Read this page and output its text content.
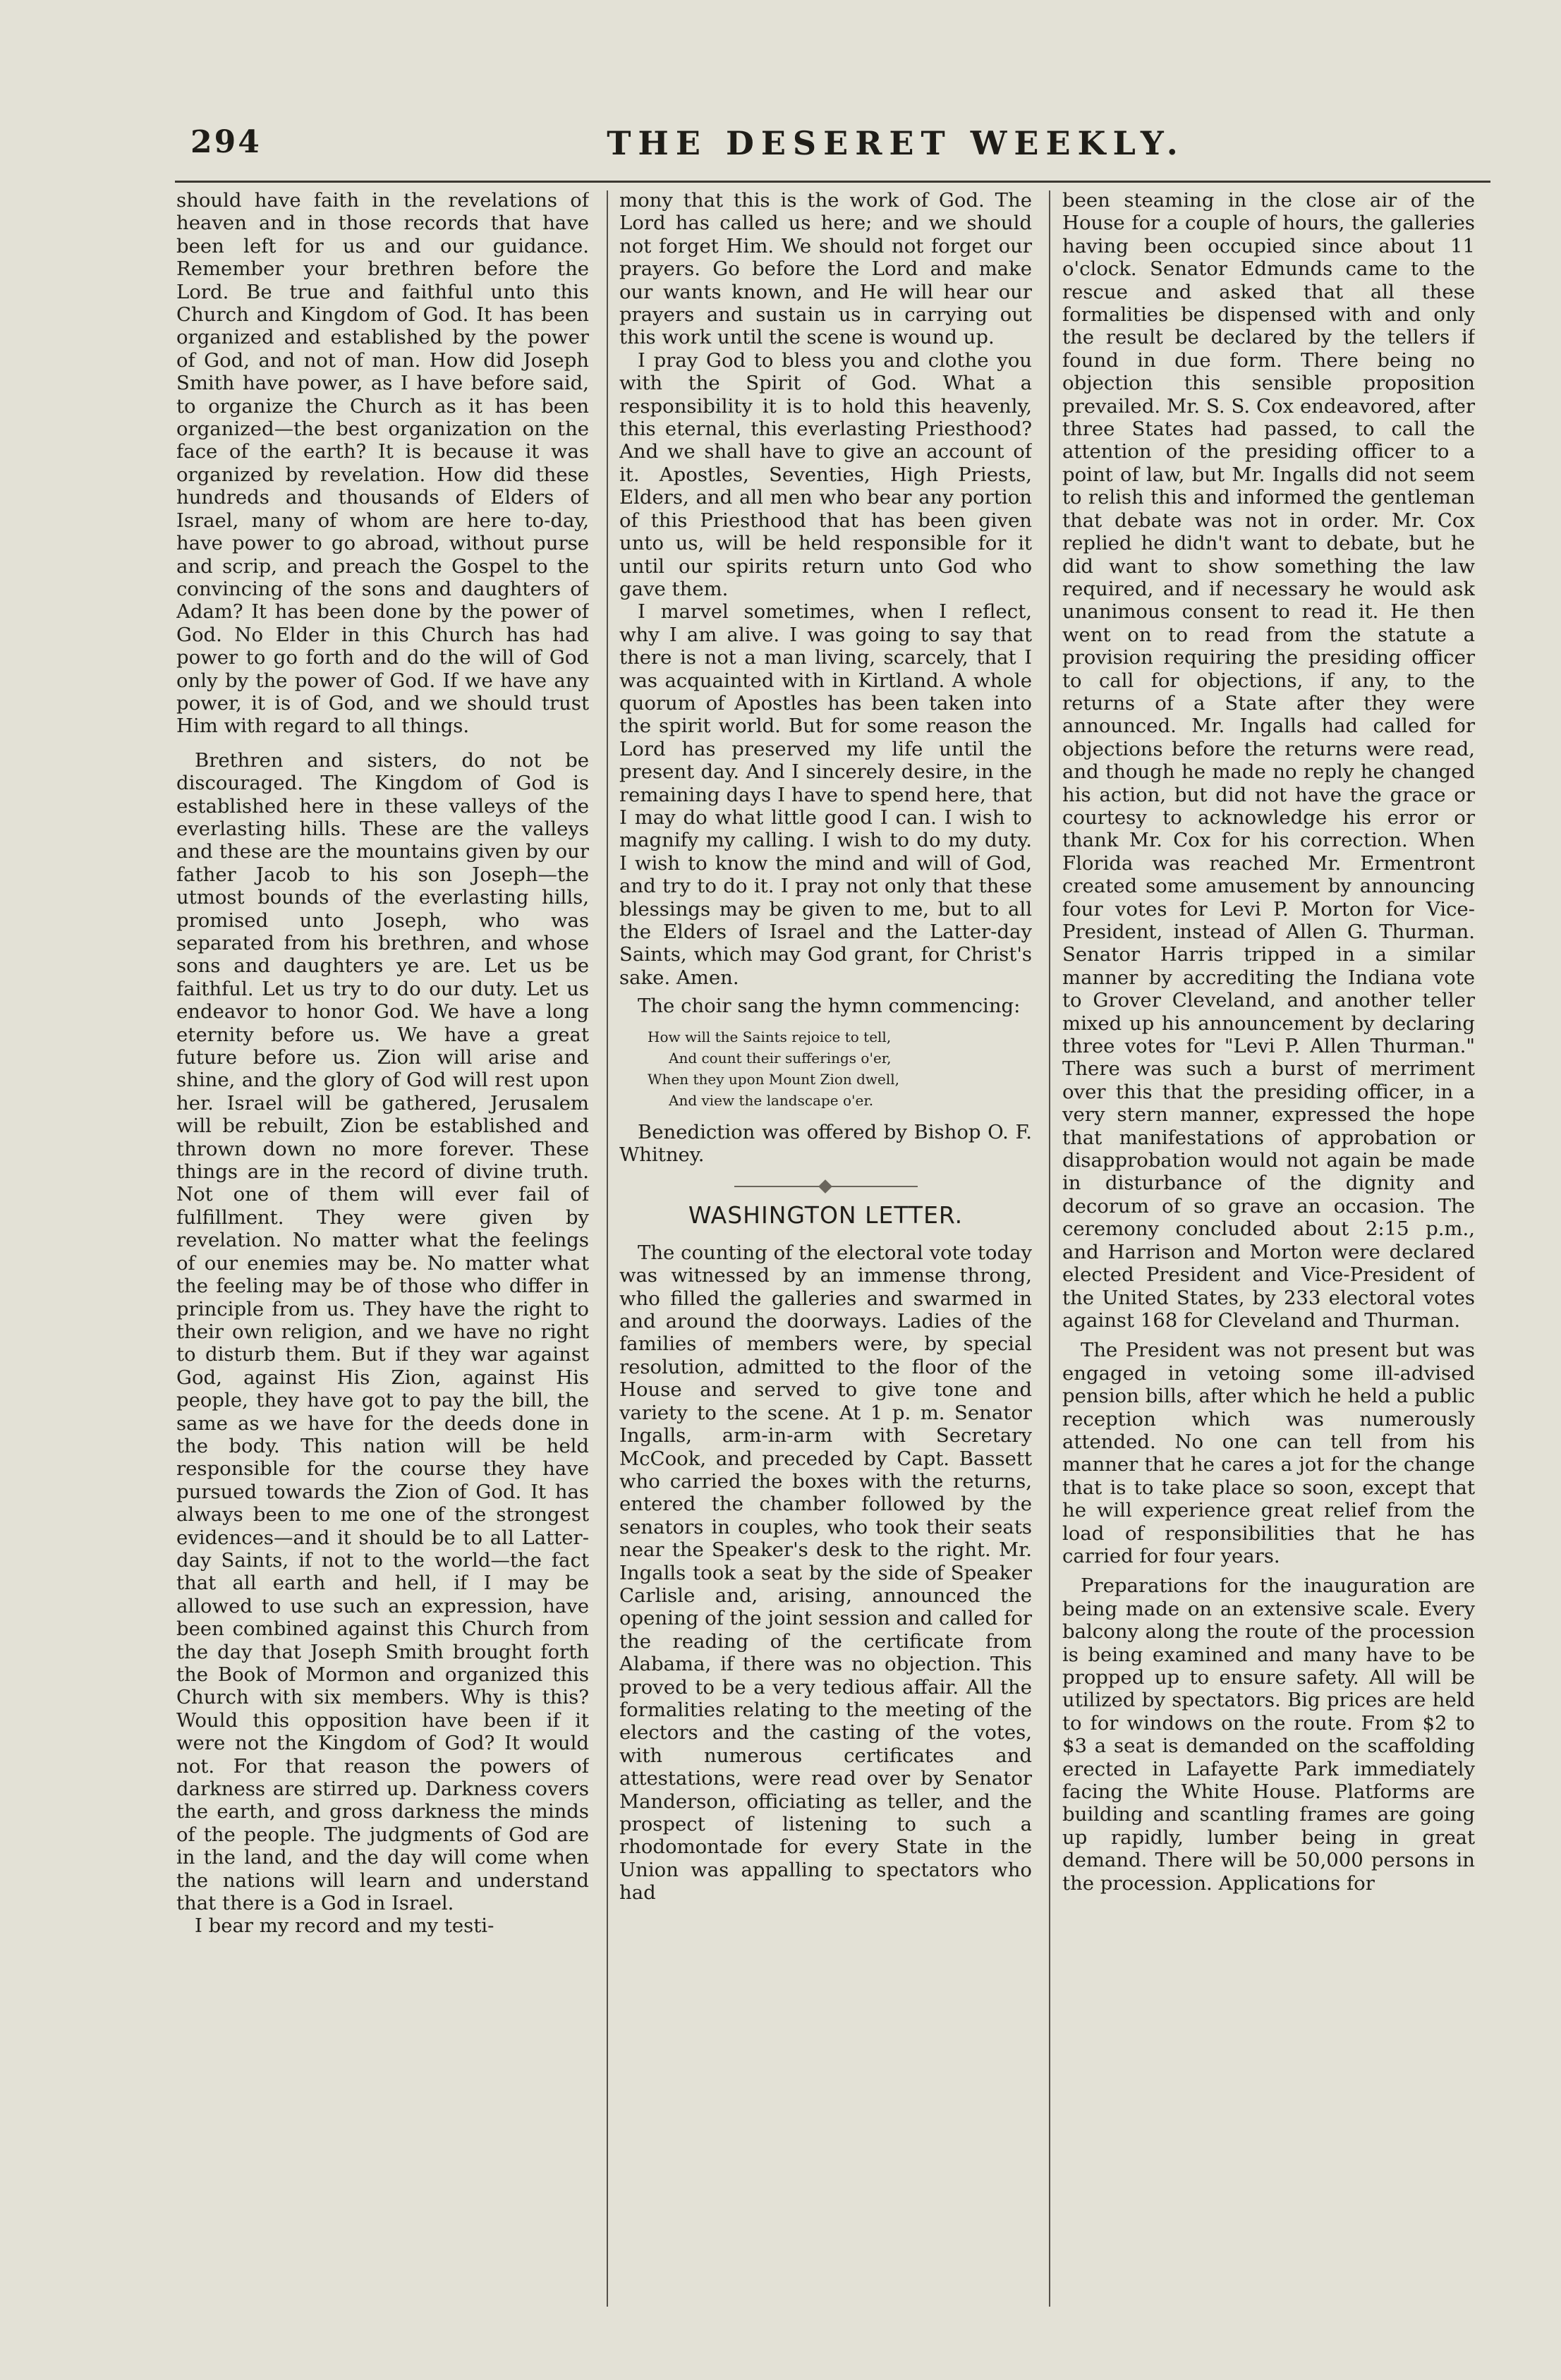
294	THE DESERET WEEKLY.

should have faith in the revelations of heaven and in those records that have been left for us and our guidance. Remember your brethren before the Lord. Be true and faithful unto this Church and Kingdom of God. It has been organized and established by the power of God, and not of man. How did Joseph Smith have power, as I have before said, to organize the Church as it has been organized—the best organization on the face of the earth? It is because it was organized by revelation. How did these hundreds and thousands of Elders of Israel, many of whom are here to-day, have power to go abroad, without purse and scrip, and preach the Gospel to the convincing of the sons and daughters of Adam? It has been done by the power of God. No Elder in this Church has had power to go forth and do the will of God only by the power of God. If we have any power, it is of God, and we should trust Him with regard to all things.

Brethren and sisters, do not be discouraged. The Kingdom of God is established here in these valleys of the everlasting hills. These are the valleys and these are the mountains given by our father Jacob to his son Joseph—the utmost bounds of the everlasting hills, promised unto Joseph, who was separated from his brethren, and whose sons and daughters ye are. Let us be faithful. Let us try to do our duty. Let us endeavor to honor God. We have a long eternity before us. We have a great future before us. Zion will arise and shine, and the glory of God will rest upon her. Israel will be gathered, Jerusalem will be rebuilt, Zion be established and thrown down no more forever. These things are in the record of divine truth. Not one of them will ever fail of fulfillment. They were given by revelation. No matter what the feelings of our enemies may be. No matter what the feeling may be of those who differ in principle from us. They have the right to their own religion, and we have no right to disturb them. But if they war against God, against His Zion, against His people, they have got to pay the bill, the same as we have for the deeds done in the body. This nation will be held responsible for the course they have pursued towards the Zion of God. It has always been to me one of the strongest evidences—and it should be to all Latter-day Saints, if not to the world—the fact that all earth and hell, if I may be allowed to use such an expression, have been combined against this Church from the day that Joseph Smith brought forth the Book of Mormon and organized this Church with six members. Why is this? Would this opposition have been if it were not the Kingdom of God? It would not. For that reason the powers of darkness are stirred up. Darkness covers the earth, and gross darkness the minds of the people. The judgments of God are in the land, and the day will come when the nations will learn and understand that there is a God in Israel.

I bear my record and my testi-

mony that this is the work of God. The Lord has called us here; and we should not forget Him. We should not forget our prayers. Go before the Lord and make our wants known, and He will hear our prayers and sustain us in carrying out this work until the scene is wound up.

I pray God to bless you and clothe you with the Spirit of God. What a responsibility it is to hold this heavenly, this eternal, this everlasting Priesthood? And we shall have to give an account of it. Apostles, Seventies, High Priests, Elders, and all men who bear any portion of this Priesthood that has been given unto us, will be held responsible for it until our spirits return unto God who gave them.

I marvel sometimes, when I reflect, why I am alive. I was going to say that there is not a man living, scarcely, that I was acquainted with in Kirtland. A whole quorum of Apostles has been taken into the spirit world. But for some reason the Lord has preserved my life until the present day. And I sincerely desire, in the remaining days I have to spend here, that I may do what little good I can. I wish to magnify my calling. I wish to do my duty. I wish to know the mind and will of God, and try to do it. I pray not only that these blessings may be given to me, but to all the Elders of Israel and the Latter-day Saints, which may God grant, for Christ's sake. Amen.

The choir sang the hymn commencing:

How will the Saints rejoice to tell,
And count their sufferings o'er,
When they upon Mount Zion dwell,
And view the landscape o'er.

Benediction was offered by Bishop O. F. Whitney.

WASHINGTON LETTER.

The counting of the electoral vote today was witnessed by an immense throng, who filled the galleries and swarmed in and around the doorways. Ladies of the families of members were, by special resolution, admitted to the floor of the House and served to give tone and variety to the scene. At 1 p. m. Senator Ingalls, arm-in-arm with Secretary McCook, and preceded by Capt. Bassett who carried the boxes with the returns, entered the chamber followed by the senators in couples, who took their seats near the Speaker's desk to the right. Mr. Ingalls took a seat by the side of Speaker Carlisle and, arising, announced the opening of the joint session and called for the reading of the certificate from Alabama, if there was no objection. This proved to be a very tedious affair. All the formalities relating to the meeting of the electors and the casting of the votes, with numerous certificates and attestations, were read over by Senator Manderson, officiating as teller, and the prospect of listening to such a rhodomontade for every State in the Union was appalling to spectators who had

been steaming in the close air of the House for a couple of hours, the galleries having been occupied since about 11 o'clock. Senator Edmunds came to the rescue and asked that all these formalities be dispensed with and only the result be declared by the tellers if found in due form. There being no objection this sensible proposition prevailed. Mr. S. S. Cox endeavored, after three States had passed, to call the attention of the presiding officer to a point of law, but Mr. Ingalls did not seem to relish this and informed the gentleman that debate was not in order. Mr. Cox replied he didn't want to debate, but he did want to show something the law required, and if necessary he would ask unanimous consent to read it. He then went on to read from the statute a provision requiring the presiding officer to call for objections, if any, to the returns of a State after they were announced. Mr. Ingalls had called for objections before the returns were read, and though he made no reply he changed his action, but did not have the grace or courtesy to acknowledge his error or thank Mr. Cox for his correction. When Florida was reached Mr. Ermentront created some amusement by announcing four votes for Levi P. Morton for Vice-President, instead of Allen G. Thurman. Senator Harris tripped in a similar manner by accrediting the Indiana vote to Grover Cleveland, and another teller mixed up his announcement by declaring three votes for "Levi P. Allen Thurman." There was such a burst of merriment over this that the presiding officer, in a very stern manner, expressed the hope that manifestations of approbation or disapprobation would not again be made in disturbance of the dignity and decorum of so grave an occasion. The ceremony concluded about 2:15 p.m., and Harrison and Morton were declared elected President and Vice-President of the United States, by 233 electoral votes against 168 for Cleveland and Thurman.

The President was not present but was engaged in vetoing some ill-advised pension bills, after which he held a public reception which was numerously attended. No one can tell from his manner that he cares a jot for the change that is to take place so soon, except that he will experience great relief from the load of responsibilities that he has carried for four years.

Preparations for the inauguration are being made on an extensive scale. Every balcony along the route of the procession is being examined and many have to be propped up to ensure safety. All will be utilized by spectators. Big prices are held to for windows on the route. From $2 to $3 a seat is demanded on the scaffolding erected in Lafayette Park immediately facing the White House. Platforms are building and scantling frames are going up rapidly, lumber being in great demand. There will be 50,000 persons in the procession. Applications for
